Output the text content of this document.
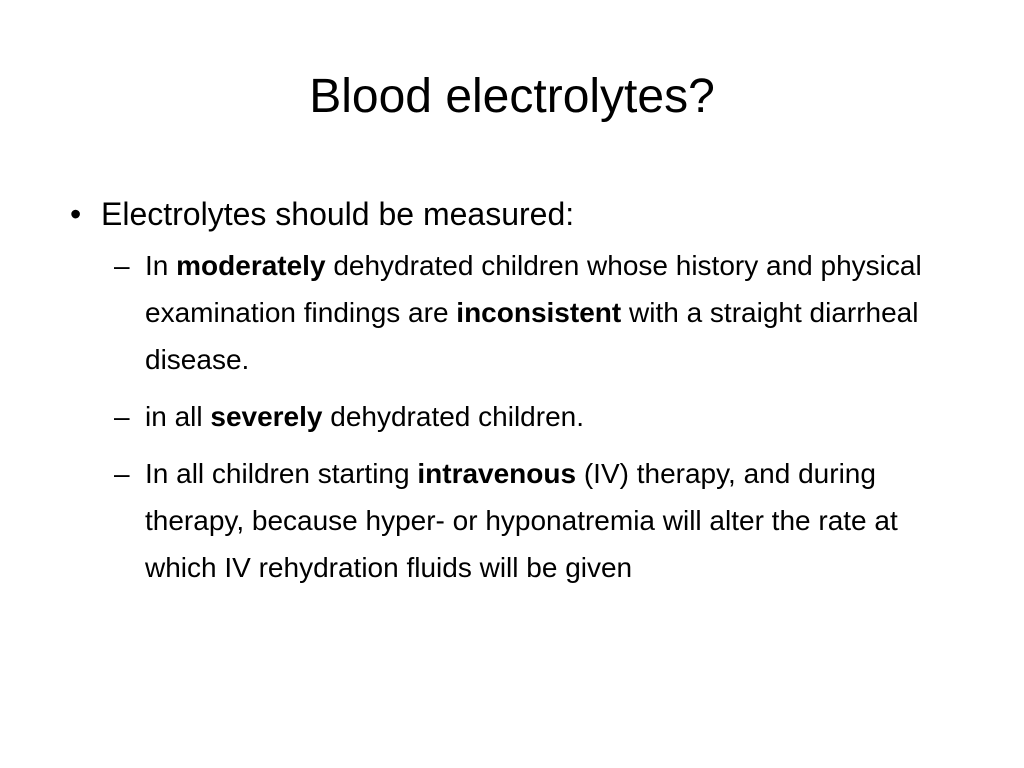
Blood electrolytes?
• Electrolytes should be measured:
– In moderately dehydrated children whose history and physical examination findings are inconsistent with a straight diarrheal disease.
– in all severely dehydrated children.
– In all children starting intravenous (IV) therapy, and during therapy, because hyper- or hyponatremia will alter the rate at which IV rehydration fluids will be given
